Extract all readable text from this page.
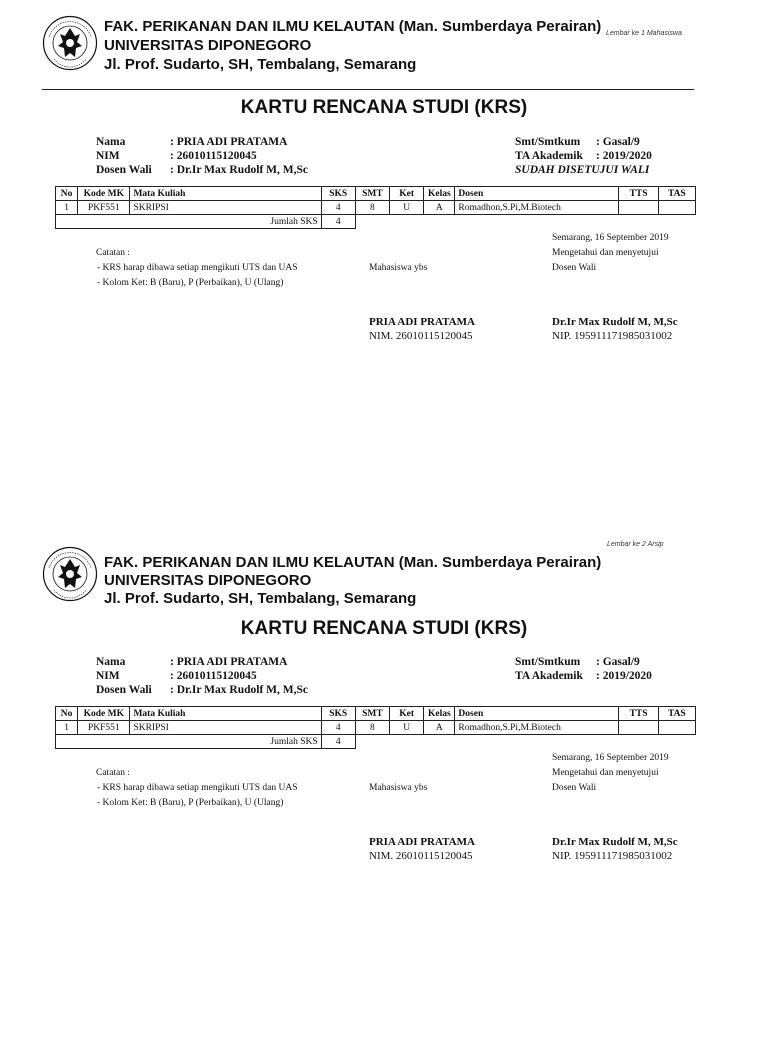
Lembar ke 1 Mahasiswa
FAK. PERIKANAN DAN ILMU KELAUTAN (Man. Sumberdaya Perairan)
UNIVERSITAS DIPONEGORO
Jl. Prof. Sudarto, SH, Tembalang, Semarang
KARTU RENCANA STUDI (KRS)
Nama	: PRIA ADI PRATAMA
NIM	: 26010115120045
Dosen Wali : Dr.Ir Max Rudolf M, M,Sc
Smt/Smtkum : Gasal/9
TA Akademik : 2019/2020
SUDAH DISETUJUI WALI
No	Kode MK	Mata Kuliah	SKS	SMT	Ket	Kelas	Dosen	TTS	TAS
1	PKF551	SKRIPSI	4	8	U	A	Romadhon,S.Pi,M.Biotech		
Jumlah SKS			4						
Catatan :
- KRS harap dibawa setiap mengikuti UTS dan UAS
- Kolom Ket: B (Baru), P (Perbaikan), U (Ulang)
Mahasiswa ybs
Semarang, 16 September 2019
Mengetahui dan menyetujui
Dosen Wali
PRIA ADI PRATAMA
NIM. 26010115120045
Dr.Ir Max Rudolf M, M,Sc
NIP. 195911171985031002
Lembar ke 2 Arsip
FAK. PERIKANAN DAN ILMU KELAUTAN (Man. Sumberdaya Perairan)
UNIVERSITAS DIPONEGORO
Jl. Prof. Sudarto, SH, Tembalang, Semarang
KARTU RENCANA STUDI (KRS)
Nama	: PRIA ADI PRATAMA
NIM	: 26010115120045
Dosen Wali : Dr.Ir Max Rudolf M, M,Sc
Smt/Smtkum : Gasal/9
TA Akademik : 2019/2020
No	Kode MK	Mata Kuliah	SKS	SMT	Ket	Kelas	Dosen	TTS	TAS
1	PKF551	SKRIPSI	4	8	U	A	Romadhon,S.Pi,M.Biotech		
Jumlah SKS			4						
Catatan :
- KRS harap dibawa setiap mengikuti UTS dan UAS
- Kolom Ket: B (Baru), P (Perbaikan), U (Ulang)
Mahasiswa ybs
Semarang, 16 September 2019
Mengetahui dan menyetujui
Dosen Wali
PRIA ADI PRATAMA
NIM. 26010115120045
Dr.Ir Max Rudolf M, M,Sc
NIP. 195911171985031002
